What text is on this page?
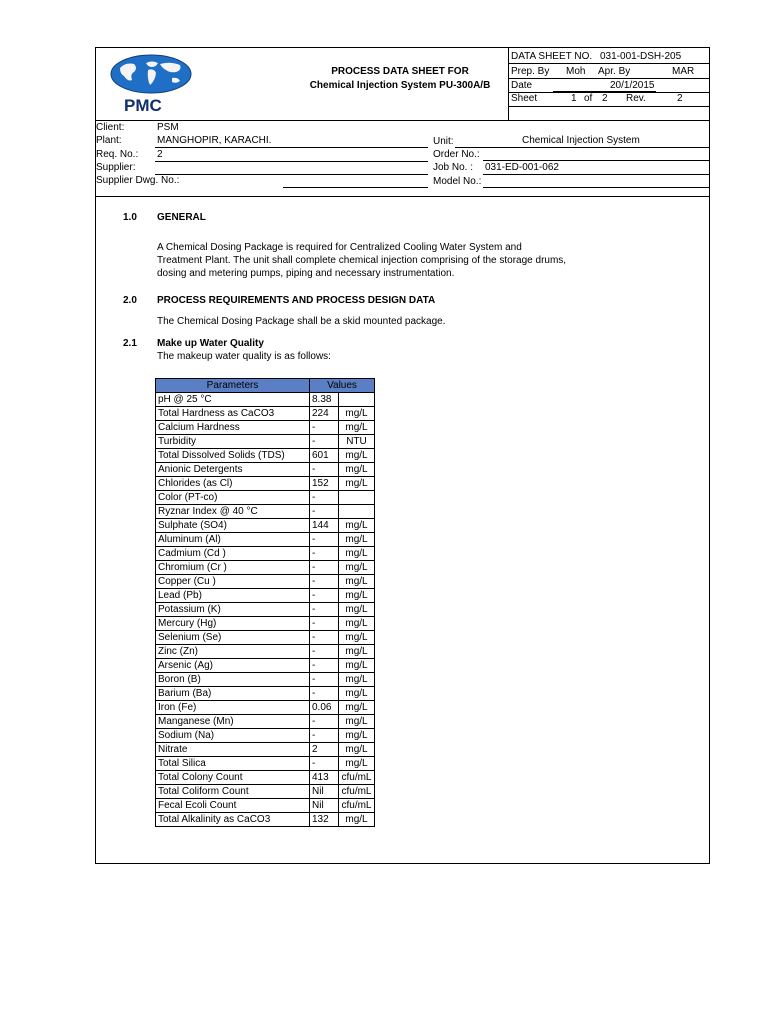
PMC
PROCESS DATA SHEET FOR
Chemical Injection System PU-300A/B
DATA SHEET NO. 031-001-DSH-205
Prep. By Moh Apr. By	MAR
Date	20/1/2015
Sheet	1 of 2 Rev.	2
Client:	PSM
Plant:	MANGHOPIR, KARACHI.
Req. No.: 2
Supplier:
Supplier Dwg. No.:
Unit:	Chemical Injection System
Order No.:
Job No. : 031-ED-001-062
Model No.:
1.0 GENERAL
A Chemical Dosing Package is required for Centralized Cooling Water System and Treatment Plant. The unit shall complete chemical injection comprising of the storage drums, dosing and metering pumps, piping and necessary instrumentation.
2.0 PROCESS REQUIREMENTS AND PROCESS DESIGN DATA
The Chemical Dosing Package shall be a skid mounted package.
2.1 Make up Water Quality
The makeup water quality is as follows:
Parameters	Values	
pH @ 25 °C	8.38	
Total Hardness as CaCO3	224	mg/L
Calcium Hardness	-	mg/L
Turbidity	-	NTU
Total Dissolved Solids (TDS)	601	mg/L
Anionic Detergents	-	mg/L
Chlorides (as Cl)	152	mg/L
Color (PT-co)	-	
Ryznar Index @ 40 °C	-	
Sulphate (SO4)	144	mg/L
Aluminum (Al)	-	mg/L
Cadmium (Cd )	-	mg/L
Chromium (Cr )	-	mg/L
Copper (Cu )	-	mg/L
Lead (Pb)	-	mg/L
Potassium (K)	-	mg/L
Mercury (Hg)	-	mg/L
Selenium (Se)	-	mg/L
Zinc (Zn)	-	mg/L
Arsenic (Ag)	-	mg/L
Boron (B)	-	mg/L
Barium (Ba)	-	mg/L
Iron (Fe)	0.06	mg/L
Manganese (Mn)	-	mg/L
Sodium (Na)	-	mg/L
Nitrate	2	mg/L
Total Silica	-	mg/L
Total Colony Count	413	cfu/mL
Total Coliform Count	Nil	cfu/mL
Fecal Ecoli Count	Nil	cfu/mL
Total Alkalinity as CaCO3	132	mg/L
